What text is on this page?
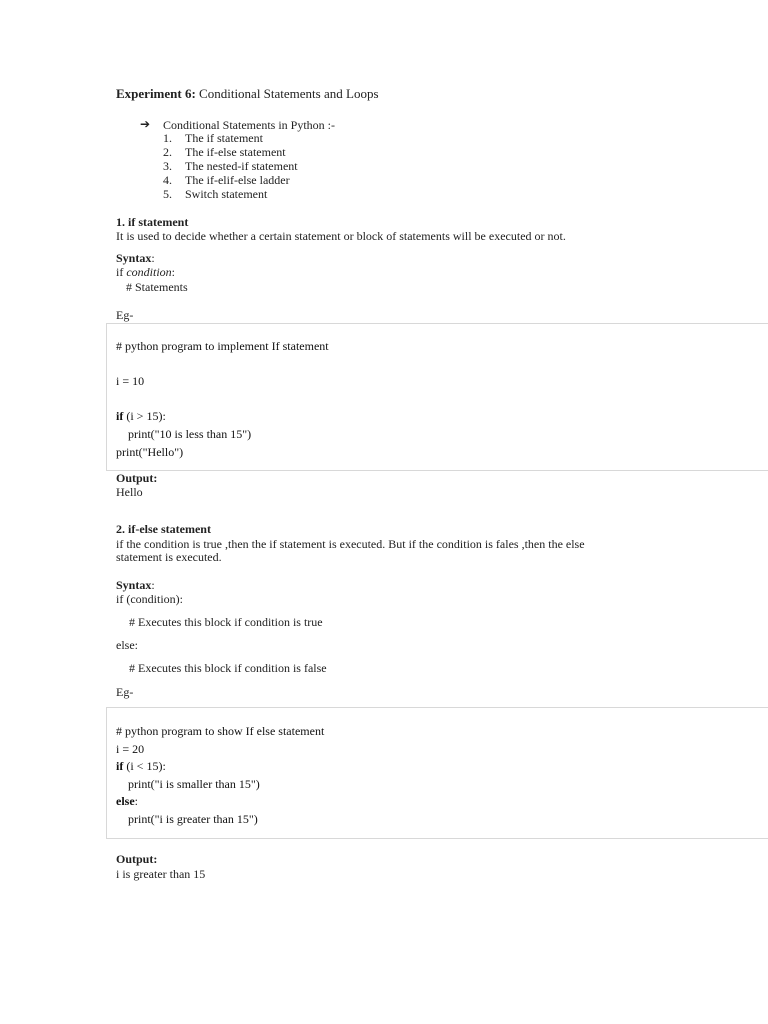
Experiment 6: Conditional Statements and Loops
➔ Conditional Statements in Python :-
1. The if statement
2. The if-else statement
3. The nested-if statement
4. The if-elif-else ladder
5. Switch statement
1. if statement
It is used to decide whether a certain statement or block of statements will be executed or not.
Syntax:
if condition:
# Statements
Eg-
# python program to implement If statement
i = 10
if (i > 15):
print("10 is less than 15")
print("Hello")
Output:
Hello
2. if-else statement
if the condition is true ,then the if statement is executed. But if the condition is fales ,then the else
statement is executed.
Syntax:
if (condition):
# Executes this block if condition is true
else:
# Executes this block if condition is false
Eg-
# python program to show If else statement
i = 20
if (i < 15):
print("i is smaller than 15")
else:
print("i is greater than 15")
Output:
i is greater than 15
